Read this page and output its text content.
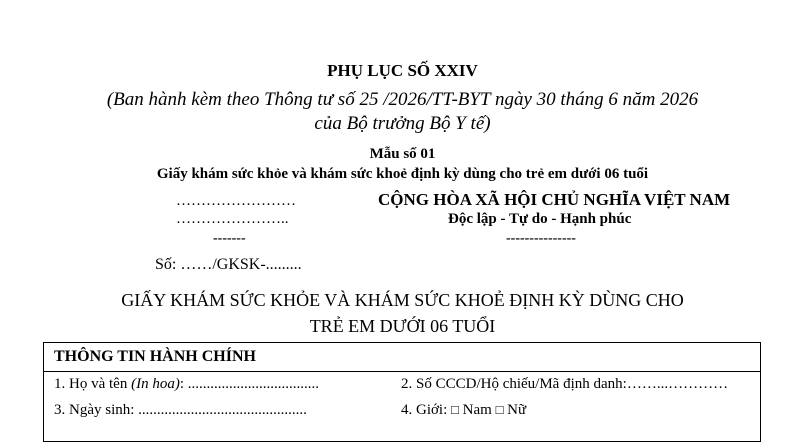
PHỤ LỤC SỐ XXIV
(Ban hành kèm theo Thông tư số 25 /2026/TT-BYT ngày 30 tháng 6 năm 2026
của Bộ trưởng Bộ Y tế)
Mẫu số 01
Giấy khám sức khỏe và khám sức khoẻ định kỳ dùng cho trẻ em dưới 06 tuổi
……………………
…………………..
-------
CỘNG HÒA XÃ HỘI CHỦ NGHĨA VIỆT NAM
Độc lập - Tự do - Hạnh phúc
---------------
Số: ……/GKSK-.........
GIẤY KHÁM SỨC KHỎE VÀ KHÁM SỨC KHOẺ ĐỊNH KỲ DÙNG CHO
TRẺ EM DƯỚI 06 TUỔI
THÔNG TIN HÀNH CHÍNH
1. Họ và tên (In hoa): ...................................	2. Số CCCD/Hộ chiếu/Mã định danh:……...…………
3. Ngày sinh: .............................................	4. Giới: □ Nam □ Nữ
